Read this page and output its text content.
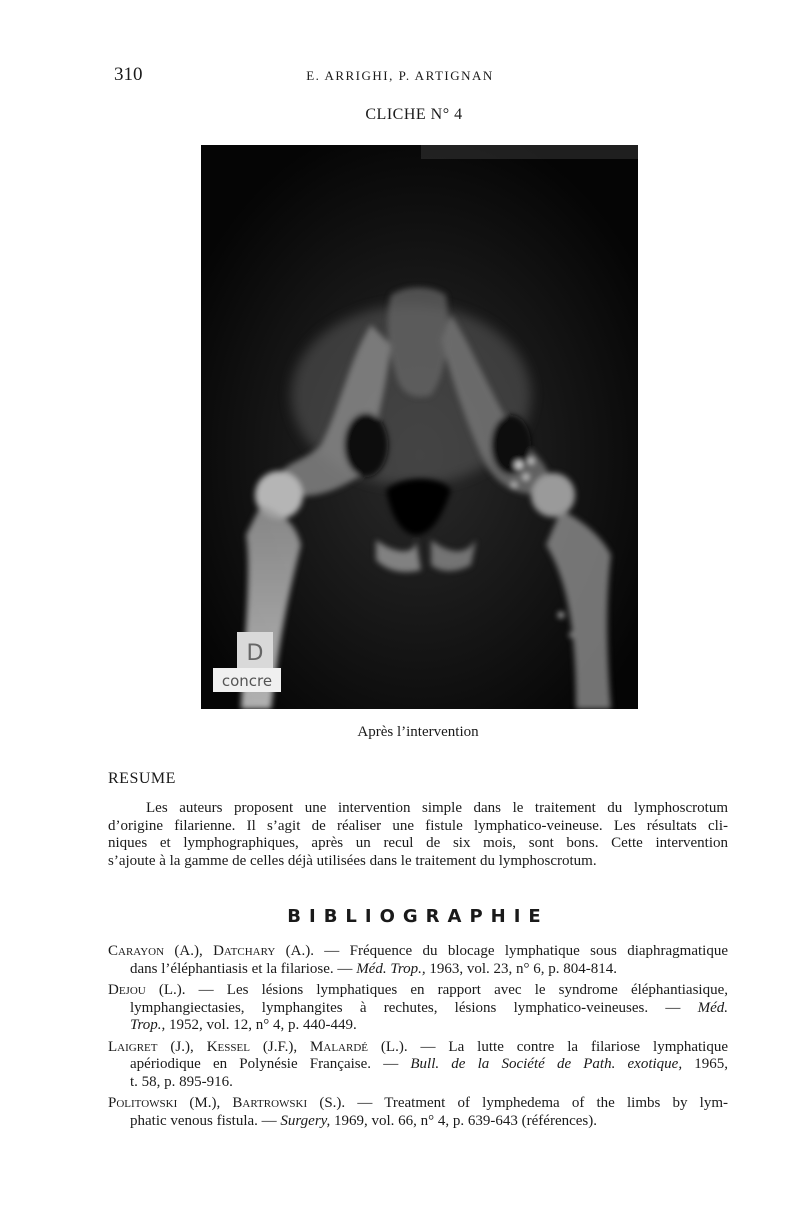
310	E. ARRIGHI, P. ARTIGNAN
CLICHE N° 4
D
concre
Après l’intervention
RESUME

Les auteurs proposent une intervention simple dans le traitement du lymphoscrotum
d’origine filarienne. Il s’agit de réaliser une fistule lymphatico-veineuse. Les résultats cli-
niques et lymphographiques, après un recul de six mois, sont bons. Cette intervention
s’ajoute à la gamme de celles déjà utilisées dans le traitement du lymphoscrotum.

BIBLIOGRAPHIE
Carayon (A.), Datchary (A.). — Fréquence du blocage lymphatique sous diaphragmatique
dans l’éléphantiasis et la filariose. — Méd. Trop., 1963, vol. 23, n° 6, p. 804-814.
Dejou (L.). — Les lésions lymphatiques en rapport avec le syndrome éléphantiasique,
lymphangiectasies, lymphangites à rechutes, lésions lymphatico-veineuses. — Méd.
Trop., 1952, vol. 12, n° 4, p. 440-449.
Laigret (J.), Kessel (J.F.), Malardé (L.). — La lutte contre la filariose lymphatique
apériodique en Polynésie Française. — Bull. de la Société de Path. exotique, 1965,
t. 58, p. 895-916.
Politowski (M.), Bartrowski (S.). — Treatment of lymphedema of the limbs by lym-
phatic venous fistula. — Surgery, 1969, vol. 66, n° 4, p. 639-643 (références).
